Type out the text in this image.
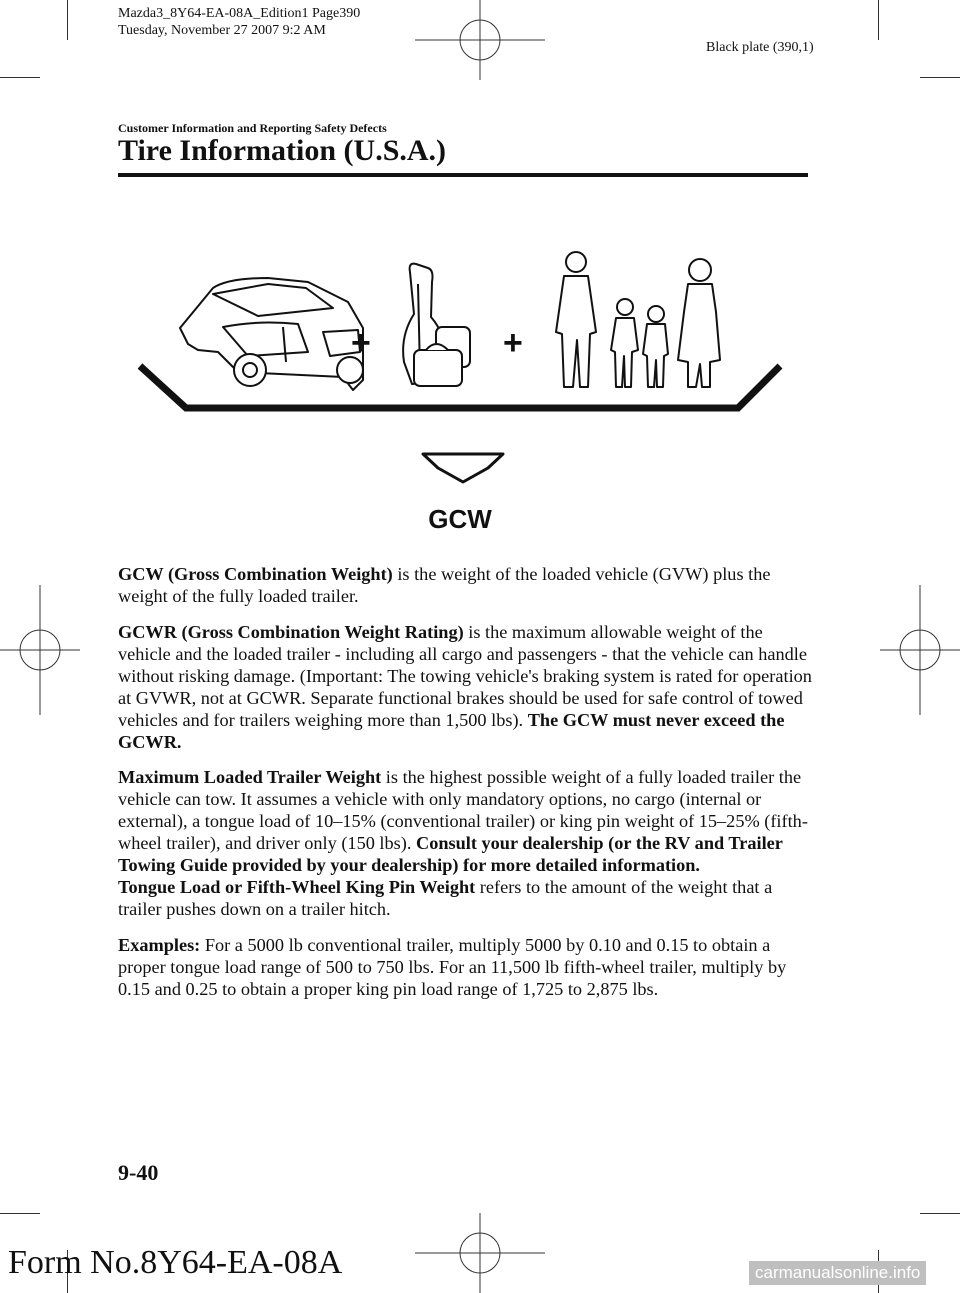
Mazda3_8Y64-EA-08A_Edition1 Page390
Tuesday, November 27 2007 9:2 AM
Black plate (390,1)
Customer Information and Reporting Safety Defects
Tire Information (U.S.A.)
+	+
GCW

GCW (Gross Combination Weight) is the weight of the loaded vehicle (GVW) plus the weight of the fully loaded trailer.

GCWR (Gross Combination Weight Rating) is the maximum allowable weight of the vehicle and the loaded trailer - including all cargo and passengers - that the vehicle can handle without risking damage. (Important: The towing vehicle's braking system is rated for operation at GVWR, not at GCWR. Separate functional brakes should be used for safe control of towed vehicles and for trailers weighing more than 1,500 lbs). The GCW must never exceed the GCWR.

Maximum Loaded Trailer Weight is the highest possible weight of a fully loaded trailer the vehicle can tow. It assumes a vehicle with only mandatory options, no cargo (internal or external), a tongue load of 10‒15% (conventional trailer) or king pin weight of 15‒25% (fifth-wheel trailer), and driver only (150 lbs). Consult your dealership (or the RV and Trailer Towing Guide provided by your dealership) for more detailed information.
Tongue Load or Fifth-Wheel King Pin Weight refers to the amount of the weight that a trailer pushes down on a trailer hitch.

Examples: For a 5000 lb conventional trailer, multiply 5000 by 0.10 and 0.15 to obtain a proper tongue load range of 500 to 750 lbs. For an 11,500 lb fifth-wheel trailer, multiply by 0.15 and 0.25 to obtain a proper king pin load range of 1,725 to 2,875 lbs.

9-40
Form No.8Y64-EA-08A	carmanualsonline.info
